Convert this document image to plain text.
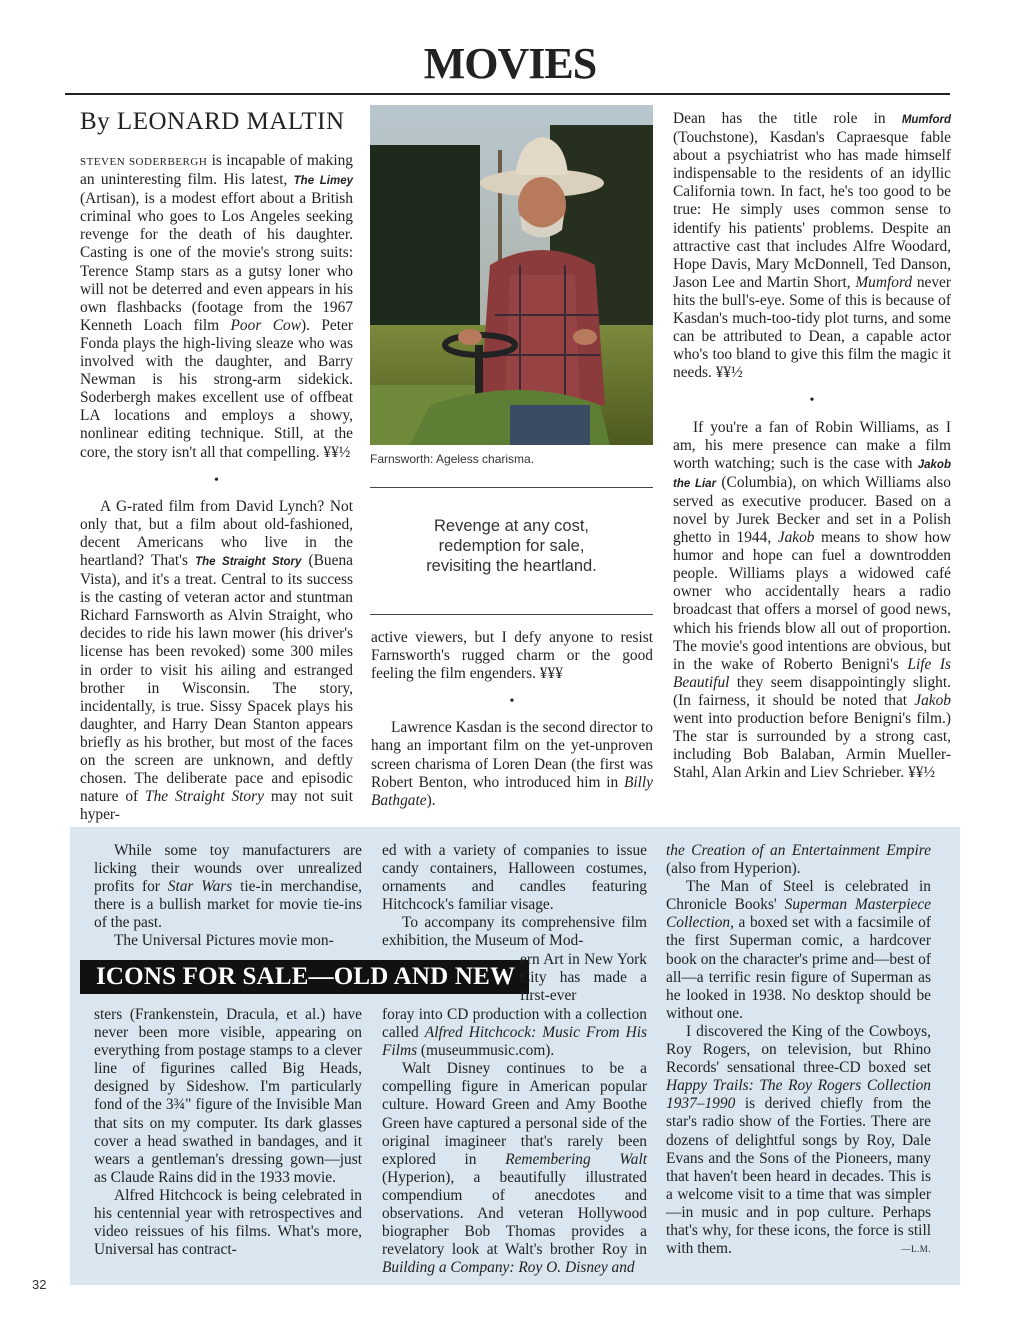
MOVIES
By LEONARD MALTIN

STEVEN SODERBERGH is incapable of making an uninteresting film. His latest, The Limey (Artisan), is a modest effort about a British criminal who goes to Los Angeles seeking revenge for the death of his daughter. Casting is one of the movie's strong suits: Terence Stamp stars as a gutsy loner who will not be deterred and even appears in his own flashbacks (footage from the 1967 Kenneth Loach film Poor Cow). Peter Fonda plays the high-living sleaze who was involved with the daughter, and Barry Newman is his strong-arm sidekick. Soderbergh makes excellent use of offbeat LA locations and employs a showy, nonlinear editing technique. Still, at the core, the story isn't all that compelling. ¥¥½

•

A G-rated film from David Lynch? Not only that, but a film about old-fashioned, decent Americans who live in the heartland? That's The Straight Story (Buena Vista), and it's a treat. Central to its success is the casting of veteran actor and stuntman Richard Farnsworth as Alvin Straight, who decides to ride his lawn mower (his driver's license has been revoked) some 300 miles in order to visit his ailing and estranged brother in Wisconsin. The story, incidentally, is true. Sissy Spacek plays his daughter, and Harry Dean Stanton appears briefly as his brother, but most of the faces on the screen are unknown, and deftly chosen. The deliberate pace and episodic nature of The Straight Story may not suit hyper-

Farnsworth: Ageless charisma.
Revenge at any cost,
redemption for sale,
revisiting the heartland.

active viewers, but I defy anyone to resist Farnsworth's rugged charm or the good feeling the film engenders. ¥¥¥

•

Lawrence Kasdan is the second director to hang an important film on the yet-unproven screen charisma of Loren Dean (the first was Robert Benton, who introduced him in Billy Bathgate).

Dean has the title role in Mumford (Touchstone), Kasdan's Capraesque fable about a psychiatrist who has made himself indispensable to the residents of an idyllic California town. In fact, he's too good to be true: He simply uses common sense to identify his patients' problems. Despite an attractive cast that includes Alfre Woodard, Hope Davis, Mary McDonnell, Ted Danson, Jason Lee and Martin Short, Mumford never hits the bull's-eye. Some of this is because of Kasdan's much-too-tidy plot turns, and some can be attributed to Dean, a capable actor who's too bland to give this film the magic it needs. ¥¥½

•

If you're a fan of Robin Williams, as I am, his mere presence can make a film worth watching; such is the case with Jakob the Liar (Columbia), on which Williams also served as executive producer. Based on a novel by Jurek Becker and set in a Polish ghetto in 1944, Jakob means to show how humor and hope can fuel a downtrodden people. Williams plays a widowed café owner who accidentally hears a radio broadcast that offers a morsel of good news, which his friends blow all out of proportion. The movie's good intentions are obvious, but in the wake of Roberto Benigni's Life Is Beautiful they seem disappointingly slight. (In fairness, it should be noted that Jakob went into production before Benigni's film.) The star is surrounded by a strong cast, including Bob Balaban, Armin Mueller-Stahl, Alan Arkin and Liev Schrieber. ¥¥½

While some toy manufacturers are licking their wounds over unrealized profits for Star Wars tie-in merchandise, there is a bullish market for movie tie-ins of the past.

The Universal Pictures movie mon-

ICONS FOR SALE—OLD AND NEW

sters (Frankenstein, Dracula, et al.) have never been more visible, appearing on everything from postage stamps to a clever line of figurines called Big Heads, designed by Sideshow. I'm particularly fond of the 3¾" figure of the Invisible Man that sits on my computer. Its dark glasses cover a head swathed in bandages, and it wears a gentleman's dressing gown—just as Claude Rains did in the 1933 movie.

Alfred Hitchcock is being celebrated in his centennial year with retrospectives and video reissues of his films. What's more, Universal has contract-

ed with a variety of companies to issue candy containers, Halloween costumes, ornaments and candles featuring Hitchcock's familiar visage.

To accompany its comprehensive film exhibition, the Museum of Mod-

ern Art in New York City has made a first-ever

foray into CD production with a collection called Alfred Hitchcock: Music From His Films (museummusic.com).

Walt Disney continues to be a compelling figure in American popular culture. Howard Green and Amy Boothe Green have captured a personal side of the original imagineer that's rarely been explored in Remembering Walt (Hyperion), a beautifully illustrated compendium of anecdotes and observations. And veteran Hollywood biographer Bob Thomas provides a revelatory look at Walt's brother Roy in Building a Company: Roy O. Disney and

the Creation of an Entertainment Empire (also from Hyperion).

The Man of Steel is celebrated in Chronicle Books' Superman Masterpiece Collection, a boxed set with a facsimile of the first Superman comic, a hardcover book on the character's prime and—best of all—a terrific resin figure of Superman as he looked in 1938. No desktop should be without one.

I discovered the King of the Cowboys, Roy Rogers, on television, but Rhino Records' sensational three-CD boxed set Happy Trails: The Roy Rogers Collection 1937–1990 is derived chiefly from the star's radio show of the Forties. There are dozens of delightful songs by Roy, Dale Evans and the Sons of the Pioneers, many that haven't been heard in decades. This is a welcome visit to a time that was simpler—in music and in pop culture. Perhaps that's why, for these icons, the force is still with them.	—L.M.

32
